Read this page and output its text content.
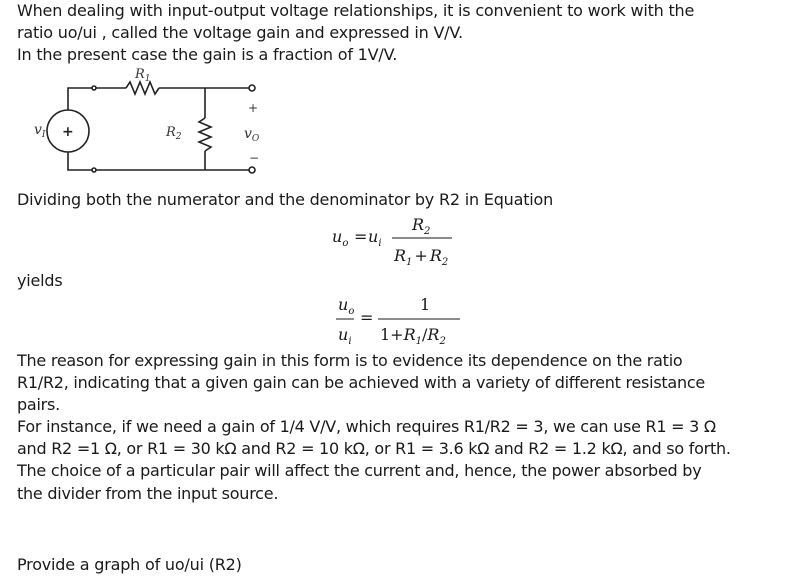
When dealing with input-output voltage relationships, it is convenient to work with the
ratio uo/ui , called the voltage gain and expressed in V/V.
In the present case the gain is a fraction of 1V/V.
+
$v_I$
$R_1$
$R_2$
+
$v_O$
−
Dividing both the numerator and the denominator by R2 in Equation
$u_o = u_i$
$R_2$
$R_1 + R_2$
yields
$u_o$
$u_i$
=
1
$1+R_1/R_2$
The reason for expressing gain in this form is to evidence its dependence on the ratio
R1/R2, indicating that a given gain can be achieved with a variety of different resistance
pairs.
For instance, if we need a gain of 1/4 V/V, which requires R1/R2 = 3, we can use R1 = 3 Ω
and R2 =1 Ω, or R1 = 30 kΩ and R2 = 10 kΩ, or R1 = 3.6 kΩ and R2 = 1.2 kΩ, and so forth.
The choice of a particular pair will affect the current and, hence, the power absorbed by
the divider from the input source.
Provide a graph of uo/ui (R2)
